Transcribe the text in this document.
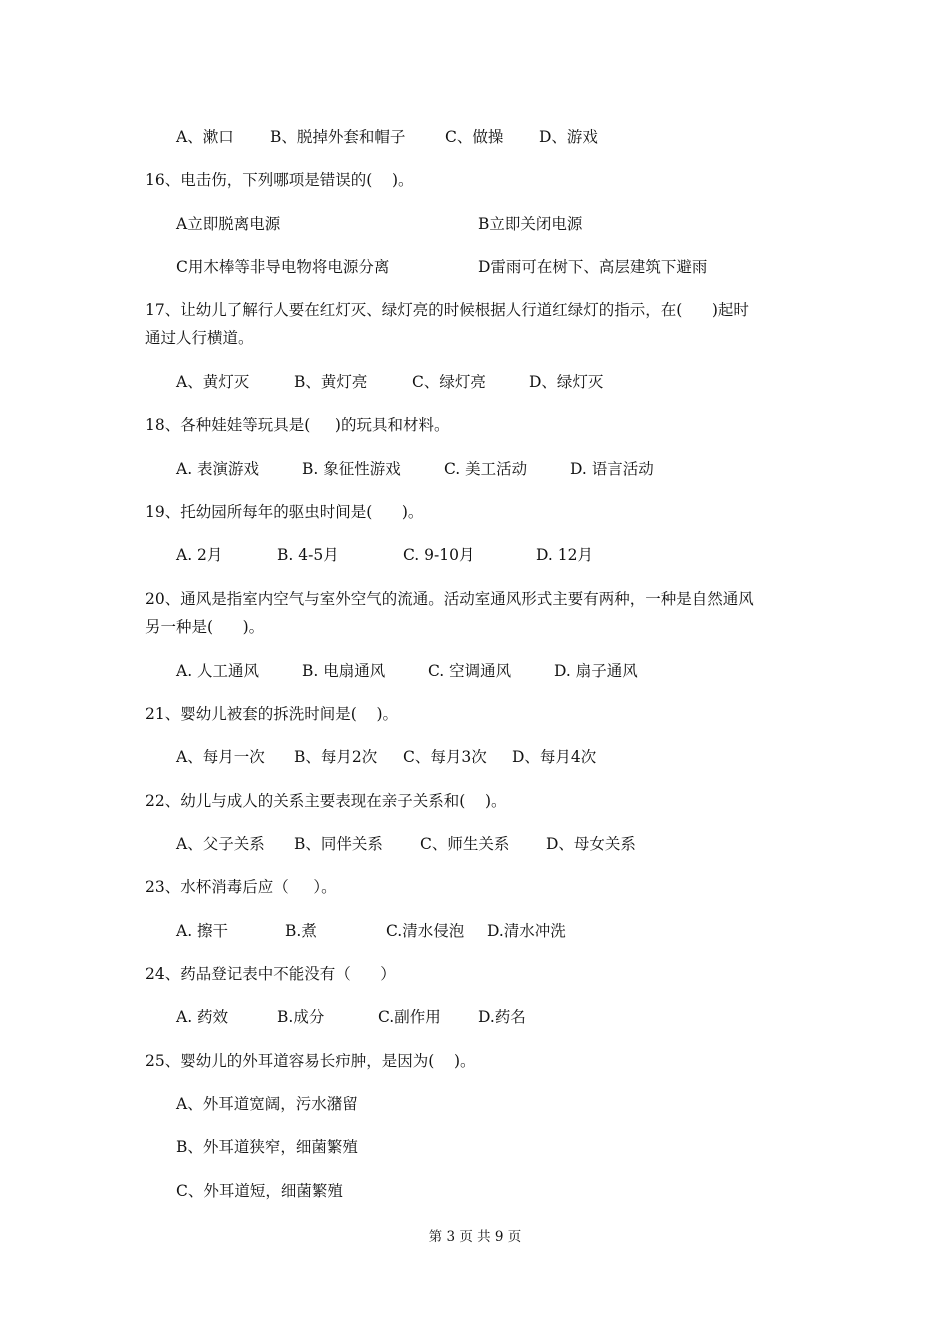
A、漱口 B、脱掉外套和帽子	C、做操 D、游戏
16、电击伤，下列哪项是错误的(    )。
A立即脱离电源	B立即关闭电源
C用木棒等非导电物将电源分离	D雷雨可在树下、高层建筑下避雨
17、让幼儿了解行人要在红灯灭、绿灯亮的时候根据人行道红绿灯的指示，在(      )起时
通过人行横道。
A、黄灯灭	B、黄灯亮	C、绿灯亮	D、绿灯灭
18、各种娃娃等玩具是(     )的玩具和材料。
A. 表演游戏	B. 象征性游戏	C. 美工活动	D. 语言活动
19、托幼园所每年的驱虫时间是(      )。
A. 2月	B. 4-5月	C. 9-10月	D. 12月
20、通风是指室内空气与室外空气的流通。活动室通风形式主要有两种，一种是自然通风
另一种是(      )。
A. 人工通风	B. 电扇通风	C. 空调通风	D. 扇子通风
21、婴幼儿被套的拆洗时间是(    )。
A、每月一次 B、每月2次 C、每月3次 D、每月4次
22、幼儿与成人的关系主要表现在亲子关系和(    )。
A、父子关系 B、同伴关系 C、师生关系 D、母女关系
23、水杯消毒后应（     ）。
A. 擦干	B.煮	C.清水侵泡 D.清水冲洗
24、药品登记表中不能没有（      ）
A. 药效	B.成分	C.副作用 D.药名
25、婴幼儿的外耳道容易长疖肿，是因为(    )。
A、外耳道宽阔，污水潴留
B、外耳道狭窄，细菌繁殖
C、外耳道短，细菌繁殖
第 3 页 共 9 页
